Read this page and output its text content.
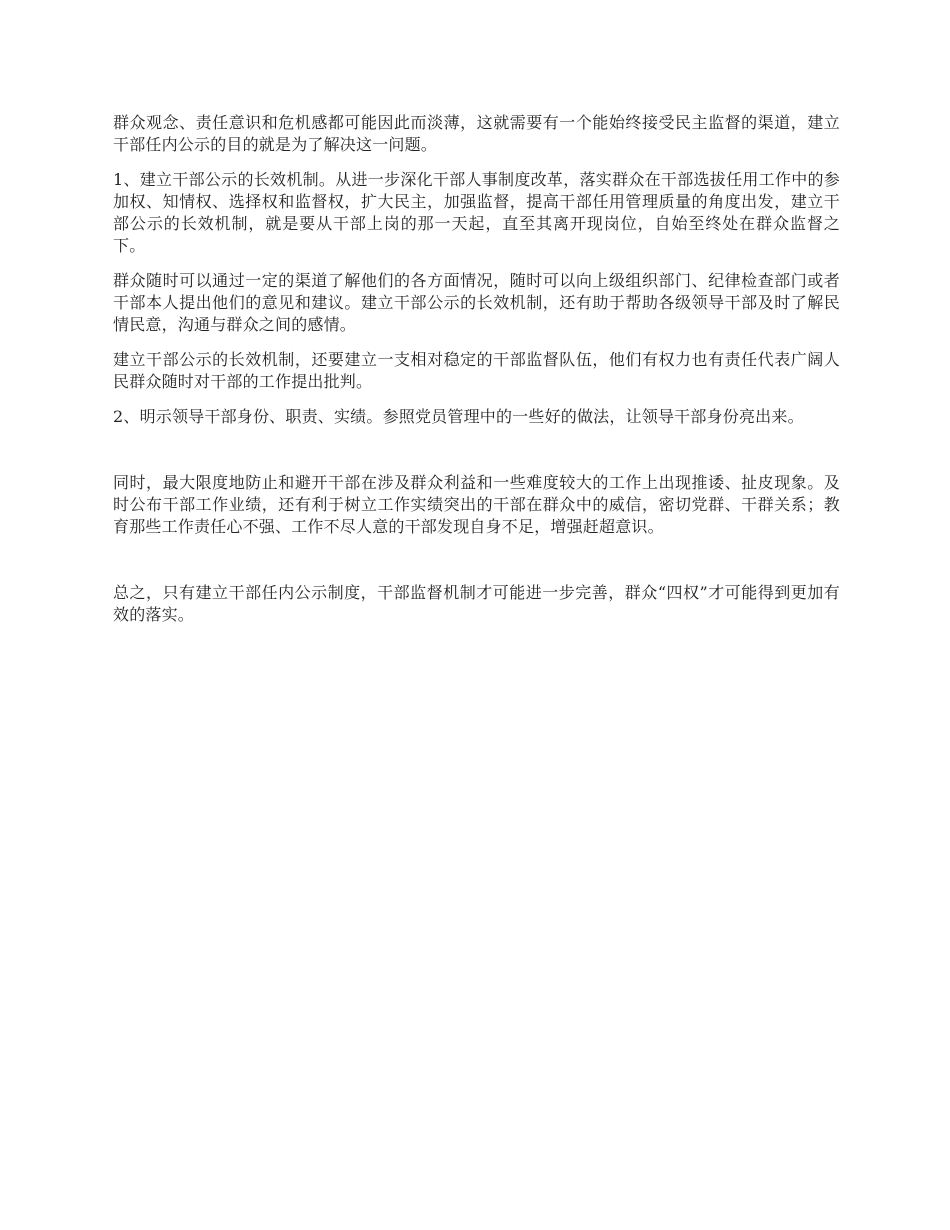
群众观念、责任意识和危机感都可能因此而淡薄，这就需要有一个能始终接受民主监督的渠道，建立干部任内公示的目的就是为了解决这一问题。

1、建立干部公示的长效机制。从进一步深化干部人事制度改革，落实群众在干部选拔任用工作中的参加权、知情权、选择权和监督权，扩大民主，加强监督，提高干部任用管理质量的角度出发，建立干部公示的长效机制，就是要从干部上岗的那一天起，直至其离开现岗位，自始至终处在群众监督之下。

群众随时可以通过一定的渠道了解他们的各方面情况，随时可以向上级组织部门、纪律检查部门或者干部本人提出他们的意见和建议。建立干部公示的长效机制，还有助于帮助各级领导干部及时了解民情民意，沟通与群众之间的感情。

建立干部公示的长效机制，还要建立一支相对稳定的干部监督队伍，他们有权力也有责任代表广阔人民群众随时对干部的工作提出批判。

2、明示领导干部身份、职责、实绩。参照党员管理中的一些好的做法，让领导干部身份亮出来。

同时，最大限度地防止和避开干部在涉及群众利益和一些难度较大的工作上出现推诿、扯皮现象。及时公布干部工作业绩，还有利于树立工作实绩突出的干部在群众中的威信，密切党群、干群关系；教育那些工作责任心不强、工作不尽人意的干部发现自身不足，增强赶超意识。

总之，只有建立干部任内公示制度，干部监督机制才可能进一步完善，群众“四权”才可能得到更加有效的落实。
